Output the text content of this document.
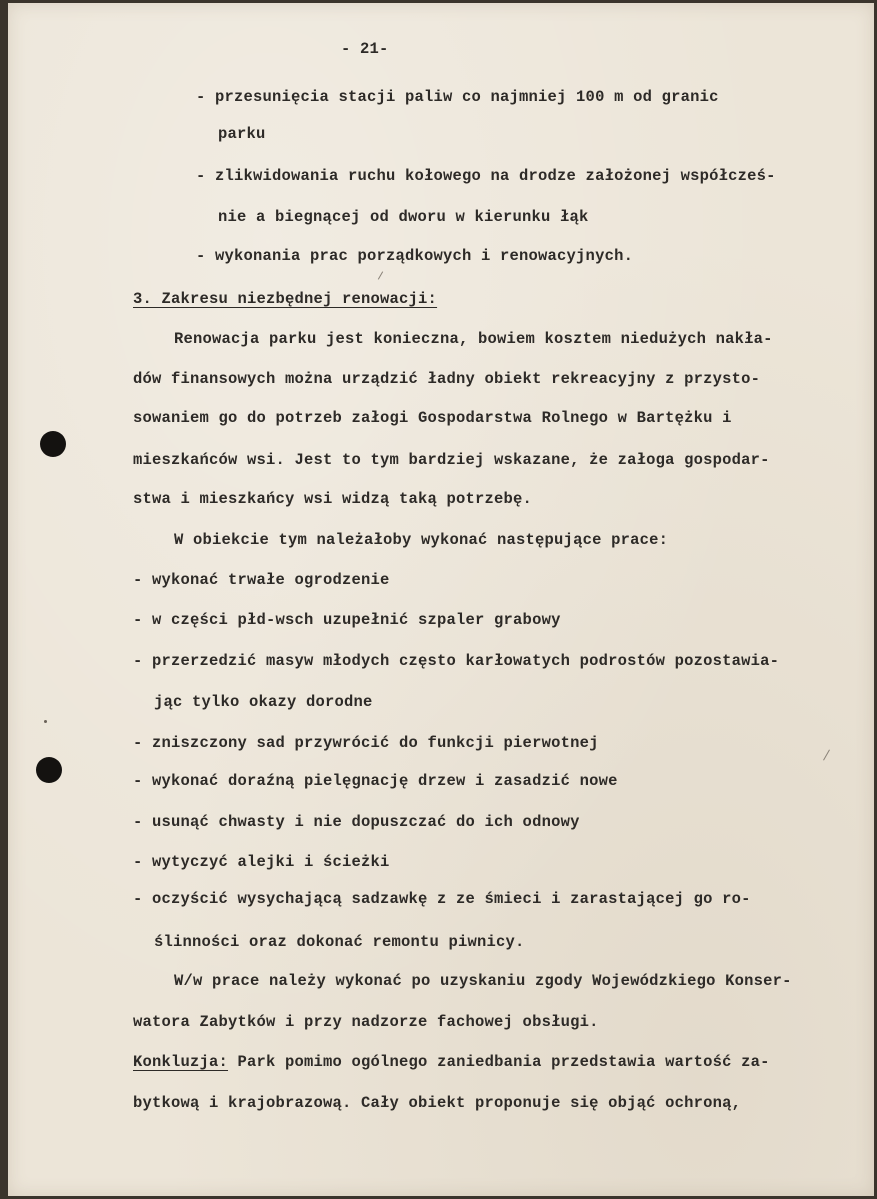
- 21-
- przesunięcia stacji paliw co najmniej 100 m od granic
parku
- zlikwidowania ruchu kołowego na drodze założonej współcześ-
nie a biegnącej od dworu w kierunku łąk
- wykonania prac porządkowych i renowacyjnych.
3. Zakresu niezbędnej renowacji:
Renowacja parku jest konieczna, bowiem kosztem niedużych nakła-
dów finansowych można urządzić ładny obiekt rekreacyjny z przysto-
sowaniem go do potrzeb załogi Gospodarstwa Rolnego w Bartężku i
mieszkańców wsi. Jest to tym bardziej wskazane, że załoga gospodar-
stwa i mieszkańcy wsi widzą taką potrzebę.
W obiekcie tym należałoby wykonać następujące prace:
- wykonać trwałe ogrodzenie
- w części płd-wsch uzupełnić szpaler grabowy
- przerzedzić masyw młodych często karłowatych podrostów pozostawia-
jąc tylko okazy dorodne
- zniszczony sad przywrócić do funkcji pierwotnej
- wykonać doraźną pielęgnację drzew i zasadzić nowe
- usunąć chwasty i nie dopuszczać do ich odnowy
- wytyczyć alejki i ścieżki
- oczyścić wysychającą sadzawkę z ze śmieci i zarastającej go ro-
ślinności oraz dokonać remontu piwnicy.
W/w prace należy wykonać po uzyskaniu zgody Wojewódzkiego Konser-
watora Zabytków i przy nadzorze fachowej obsługi.
Konkluzja: Park pomimo ogólnego zaniedbania przedstawia wartość za-
bytkową i krajobrazową. Cały obiekt proponuje się objąć ochroną,
